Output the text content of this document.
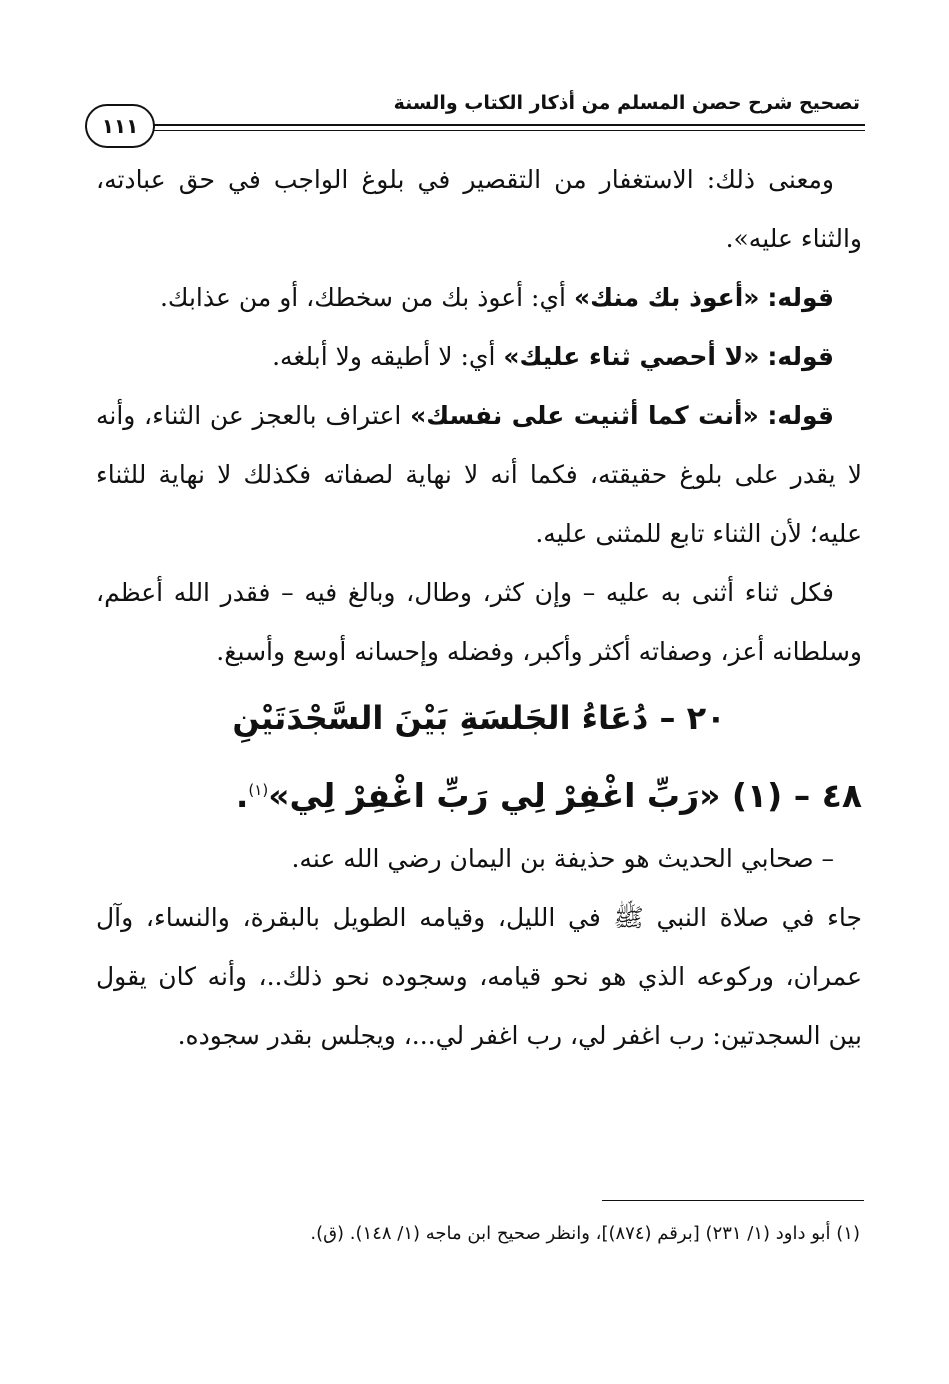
تصحيح شرح حصن المسلم من أذكار الكتاب والسنة
١١١

ومعنى ذلك: الاستغفار من التقصير في بلوغ الواجب في حق عبادته، والثناء عليه».

قوله: «أعوذ بك منك» أي: أعوذ بك من سخطك، أو من عذابك.

قوله: «لا أحصي ثناء عليك» أي: لا أطيقه ولا أبلغه.

قوله: «أنت كما أثنيت على نفسك» اعتراف بالعجز عن الثناء، وأنه لا يقدر على بلوغ حقيقته، فكما أنه لا نهاية لصفاته فكذلك لا نهاية للثناء عليه؛ لأن الثناء تابع للمثنى عليه.

فكل ثناء أثنى به عليه – وإن كثر، وطال، وبالغ فيه – فقدر الله أعظم، وسلطانه أعز، وصفاته أكثر وأكبر، وفضله وإحسانه أوسع وأسبغ.

٢٠ – دُعَاءُ الجَلسَةِ بَيْنَ السَّجْدَتَيْنِ
٤٨ – (١) «رَبِّ اغْفِرْ لِي رَبِّ اغْفِرْ لِي»$^{(١)}$.

– صحابي الحديث هو حذيفة بن اليمان رضي الله عنه.

جاء في صلاة النبي ﷺ في الليل، وقيامه الطويل بالبقرة، والنساء، وآل عمران، وركوعه الذي هو نحو قيامه، وسجوده نحو ذلك..، وأنه كان يقول بين السجدتين: رب اغفر لي، رب اغفر لي...، ويجلس بقدر سجوده.

(١) أبو داود (١/ ٢٣١) [برقم (٨٧٤)]، وانظر صحيح ابن ماجه (١/ ١٤٨). (ق).
